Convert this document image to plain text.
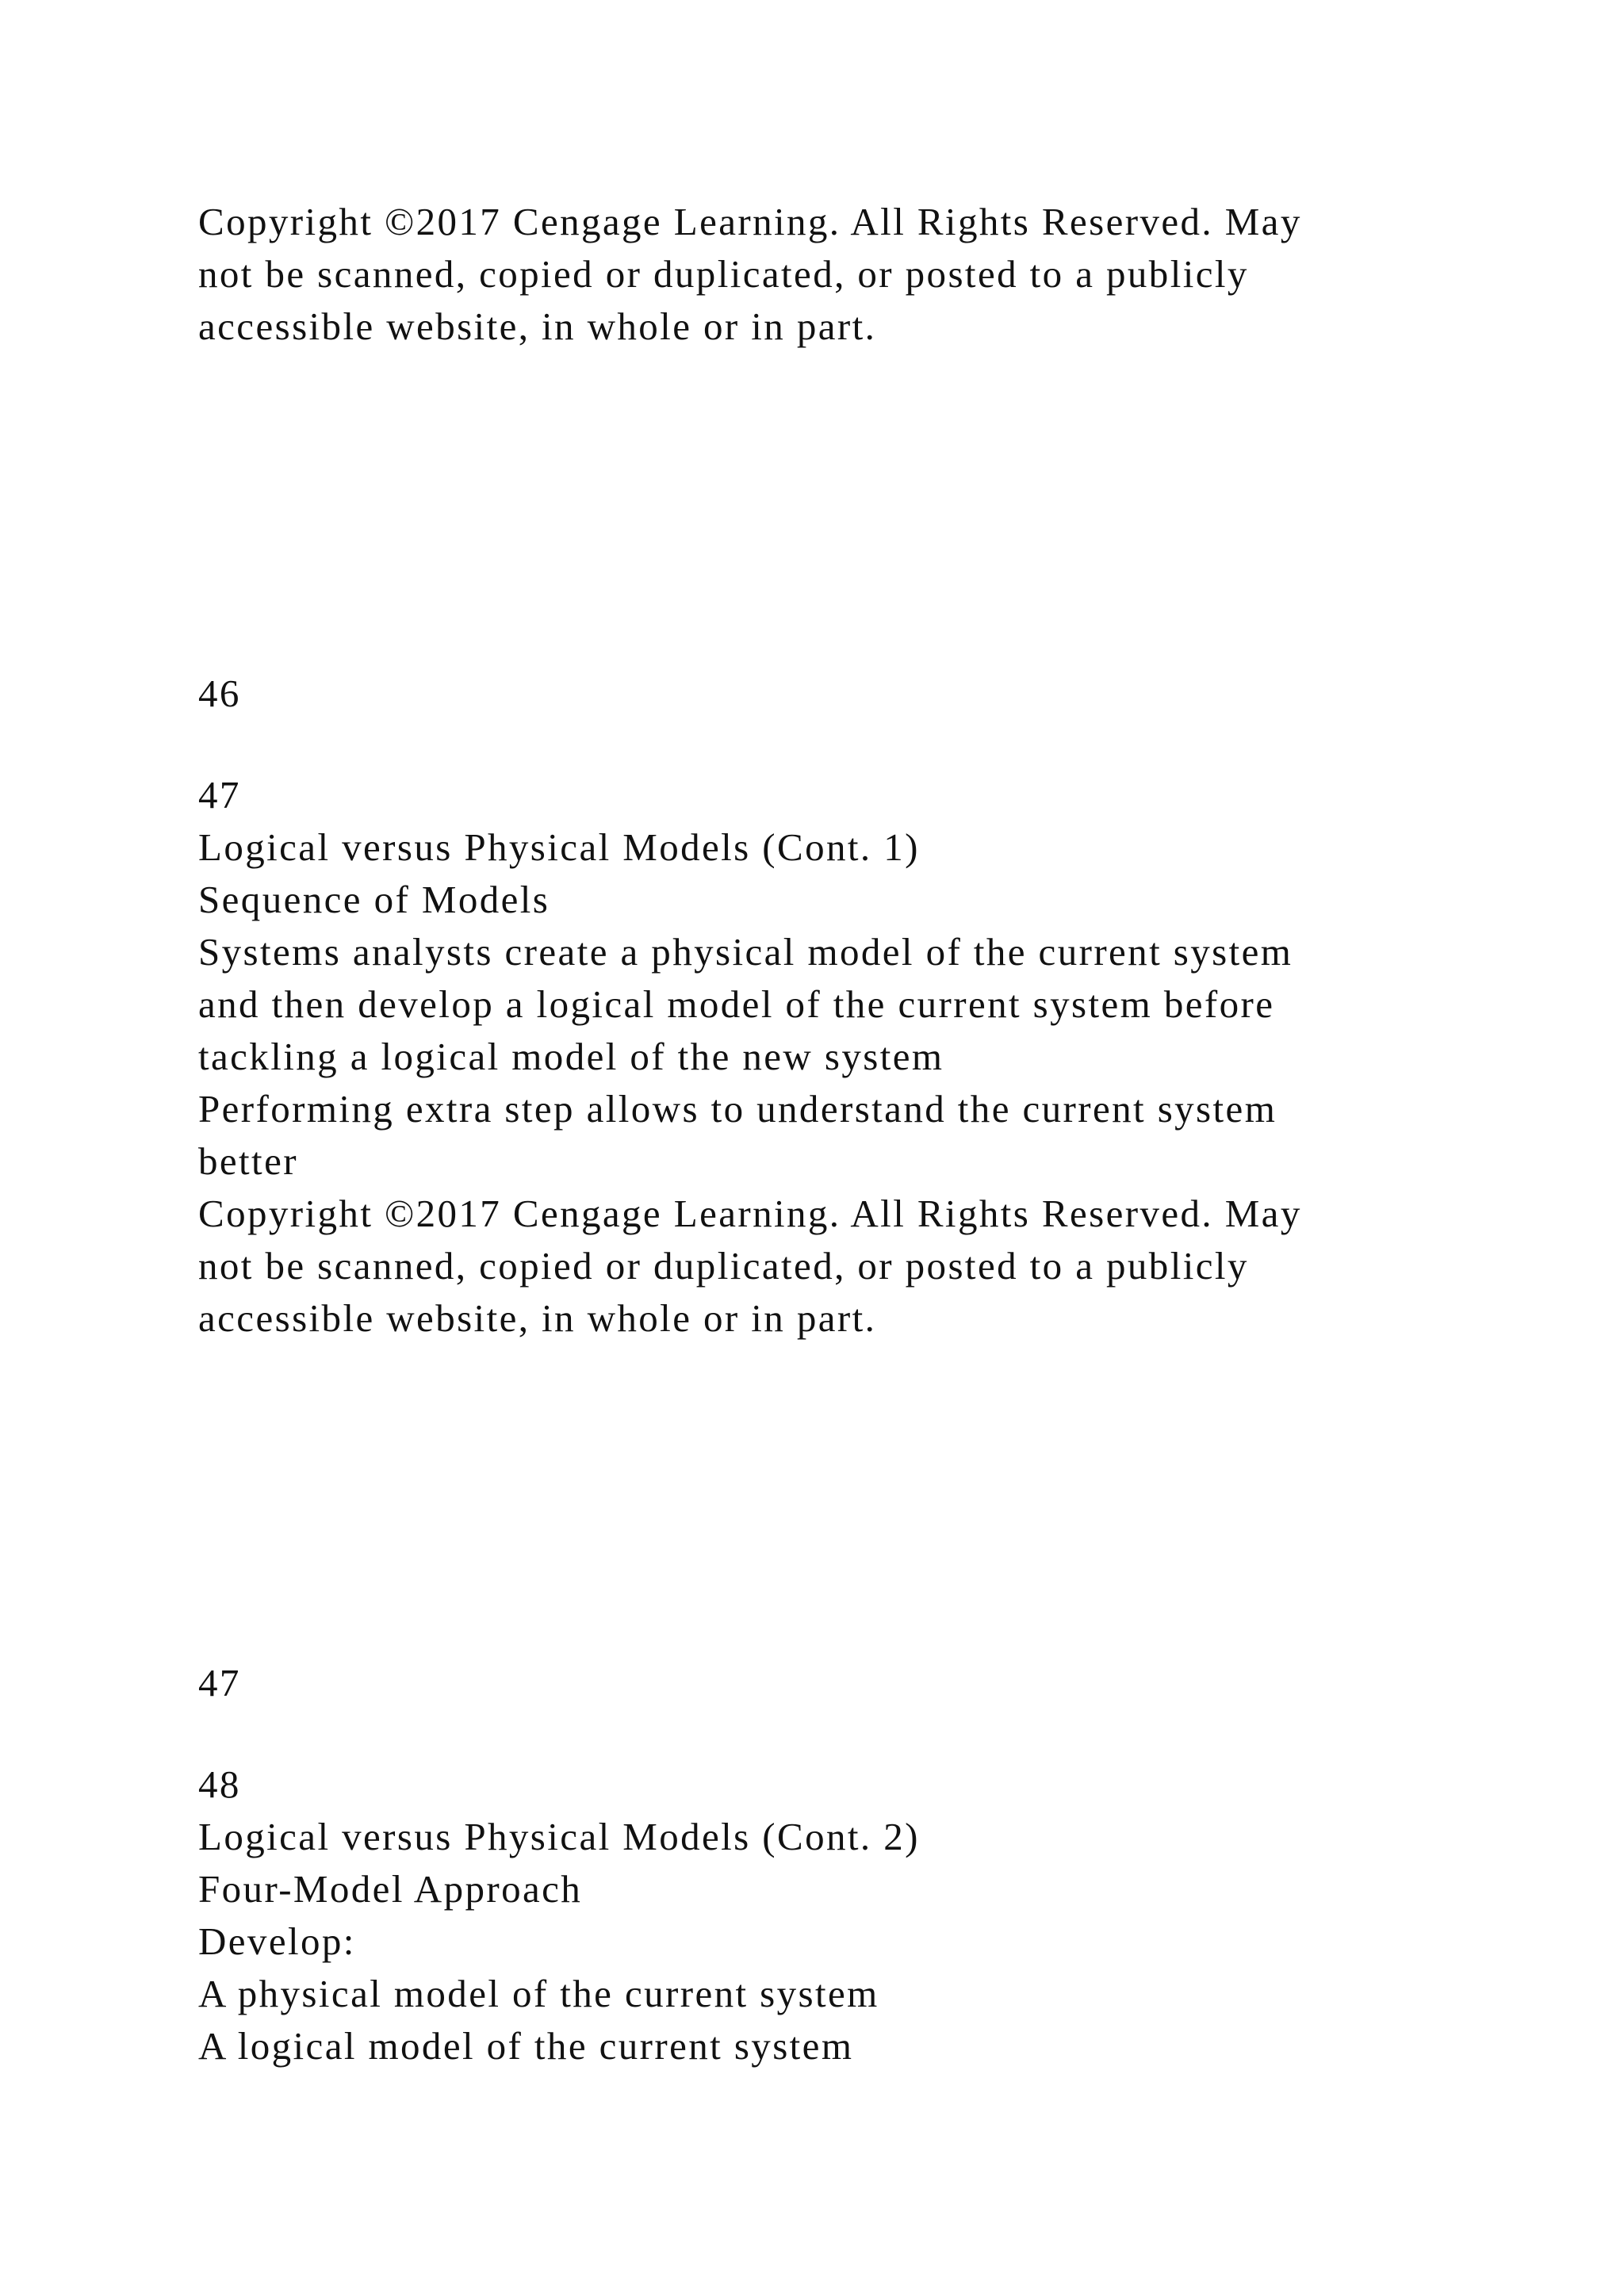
Copyright ©2017 Cengage Learning. All Rights Reserved. May
not be scanned, copied or duplicated, or posted to a publicly
accessible website, in whole or in part.
46
47
Logical versus Physical Models (Cont. 1)
Sequence of Models
Systems analysts create a physical model of the current system
and then develop a logical model of the current system before
tackling a logical model of the new system
Performing extra step allows to understand the current system
better
Copyright ©2017 Cengage Learning. All Rights Reserved. May
not be scanned, copied or duplicated, or posted to a publicly
accessible website, in whole or in part.
47
48
Logical versus Physical Models (Cont. 2)
Four-Model Approach
Develop:
A physical model of the current system
A logical model of the current system
